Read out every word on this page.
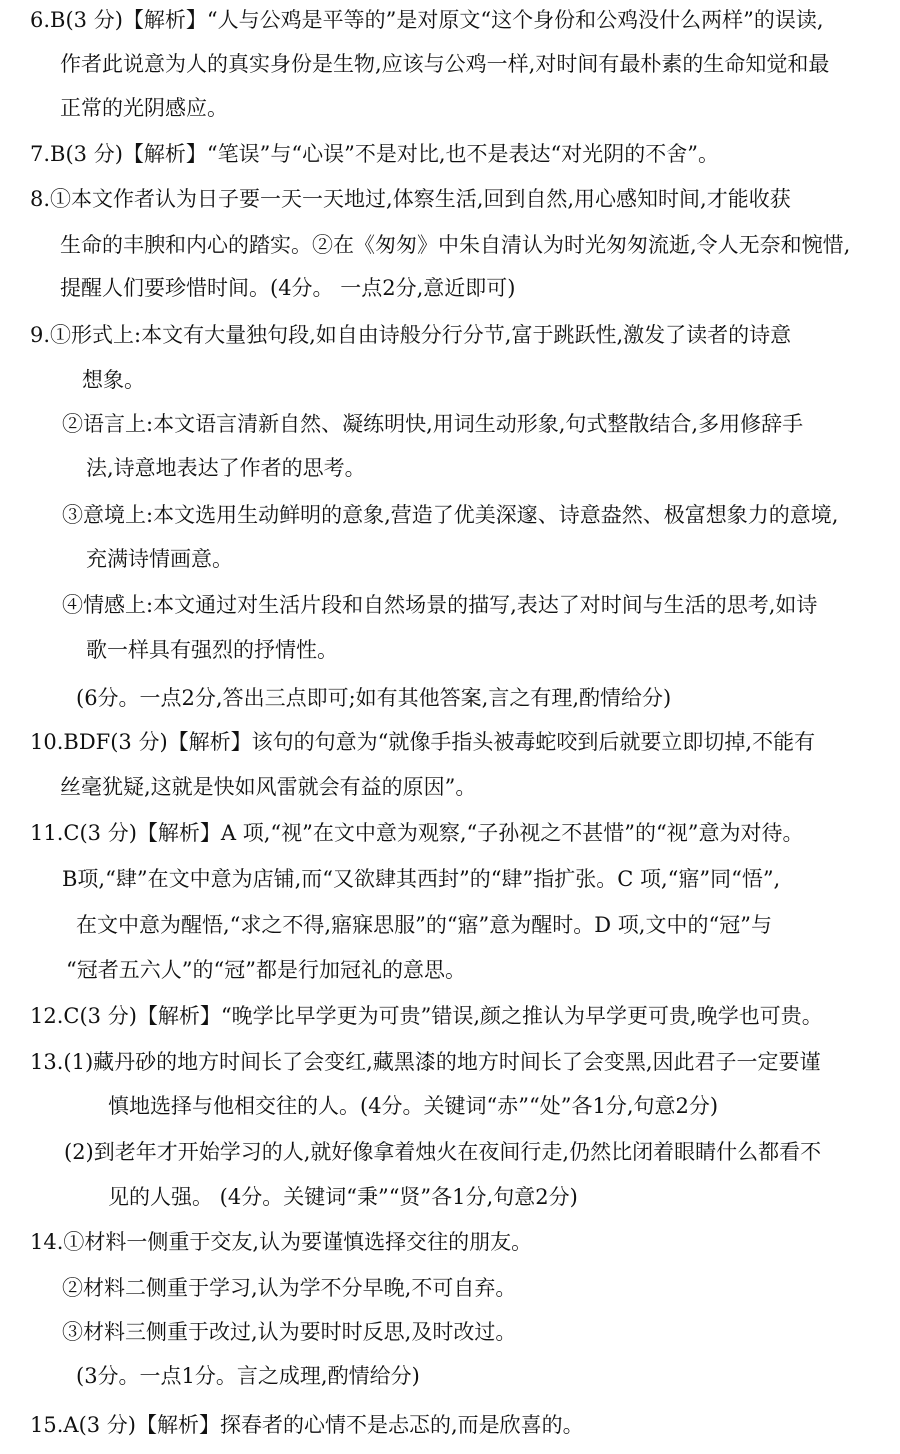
6.B(3 分)【解析】“人与公鸡是平等的”是对原文“这个身份和公鸡没什么两样”的误读,
作者此说意为人的真实身份是生物,应该与公鸡一样,对时间有最朴素的生命知觉和最
正常的光阴感应。
7.B(3 分)【解析】“笔误”与“心误”不是对比,也不是表达“对光阴的不舍”。
8.①本文作者认为日子要一天一天地过,体察生活,回到自然,用心感知时间,才能收获
生命的丰腴和内心的踏实。②在《匆匆》中朱自清认为时光匆匆流逝,令人无奈和惋惜,
提醒人们要珍惜时间。(4分。 一点2分,意近即可)
9.①形式上:本文有大量独句段,如自由诗般分行分节,富于跳跃性,激发了读者的诗意
想象。
②语言上:本文语言清新自然、凝练明快,用词生动形象,句式整散结合,多用修辞手
法,诗意地表达了作者的思考。
③意境上:本文选用生动鲜明的意象,营造了优美深邃、诗意盎然、极富想象力的意境,
充满诗情画意。
④情感上:本文通过对生活片段和自然场景的描写,表达了对时间与生活的思考,如诗
歌一样具有强烈的抒情性。
(6分。一点2分,答出三点即可;如有其他答案,言之有理,酌情给分)
10.BDF(3 分)【解析】该句的句意为“就像手指头被毒蛇咬到后就要立即切掉,不能有
丝毫犹疑,这就是快如风雷就会有益的原因”。
11.C(3 分)【解析】A 项,“视”在文中意为观察,“子孙视之不甚惜”的“视”意为对待。
B项,“肆”在文中意为店铺,而“又欲肆其西封”的“肆”指扩张。C 项,“寤”同“悟”,
在文中意为醒悟,“求之不得,寤寐思服”的“寤”意为醒时。D 项,文中的“冠”与
“冠者五六人”的“冠”都是行加冠礼的意思。
12.C(3 分)【解析】“晚学比早学更为可贵”错误,颜之推认为早学更可贵,晚学也可贵。
13.(1)藏丹砂的地方时间长了会变红,藏黑漆的地方时间长了会变黑,因此君子一定要谨
慎地选择与他相交往的人。(4分。关键词“赤”“处”各1分,句意2分)
(2)到老年才开始学习的人,就好像拿着烛火在夜间行走,仍然比闭着眼睛什么都看不
见的人强。 (4分。关键词“秉”“贤”各1分,句意2分)
14.①材料一侧重于交友,认为要谨慎选择交往的朋友。
②材料二侧重于学习,认为学不分早晚,不可自弃。
③材料三侧重于改过,认为要时时反思,及时改过。
(3分。一点1分。言之成理,酌情给分)
15.A(3 分)【解析】探春者的心情不是忐忑的,而是欣喜的。
